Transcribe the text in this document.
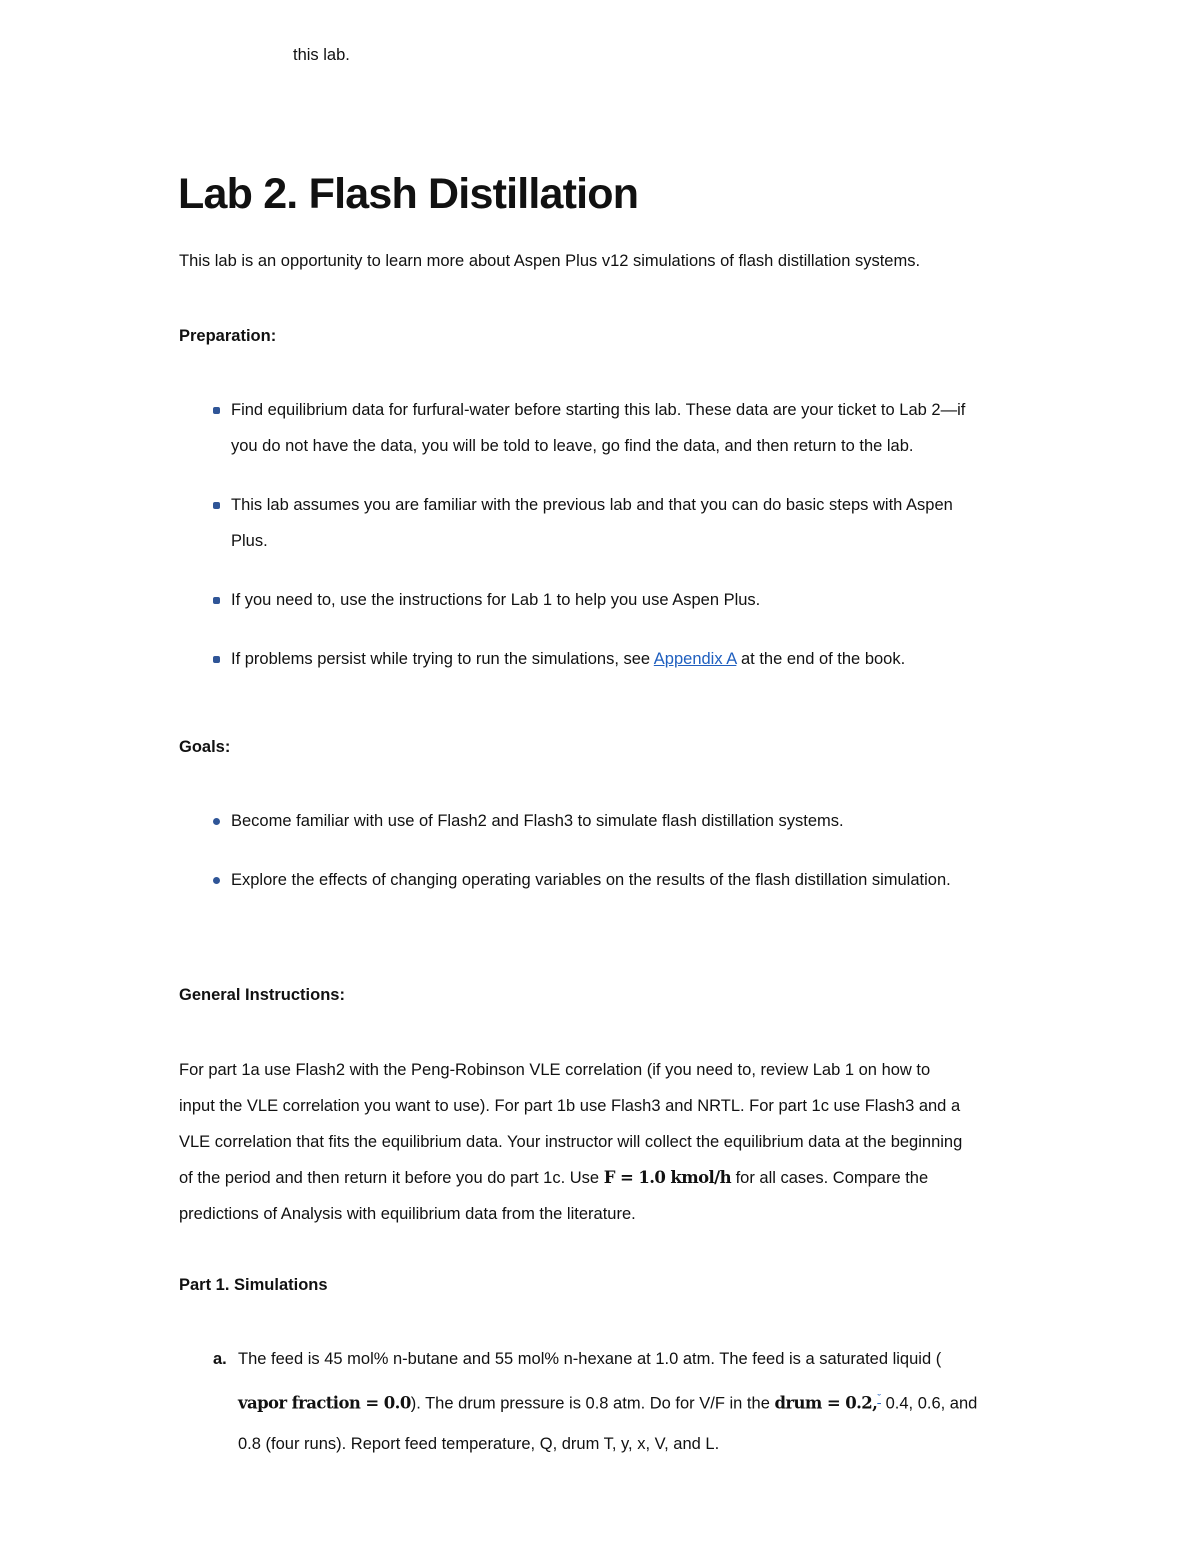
this lab.
Lab 2. Flash Distillation
This lab is an opportunity to learn more about Aspen Plus v12 simulations of flash distillation systems.
Preparation:
Find equilibrium data for furfural-water before starting this lab. These data are your ticket to Lab 2—if
you do not have the data, you will be told to leave, go find the data, and then return to the lab.
This lab assumes you are familiar with the previous lab and that you can do basic steps with Aspen
Plus.
If you need to, use the instructions for Lab 1 to help you use Aspen Plus.
If problems persist while trying to run the simulations, see Appendix A at the end of the book.
Goals:
Become familiar with use of Flash2 and Flash3 to simulate flash distillation systems.
Explore the effects of changing operating variables on the results of the flash distillation simulation.
General Instructions:
For part 1a use Flash2 with the Peng-Robinson VLE correlation (if you need to, review Lab 1 on how to
input the VLE correlation you want to use). For part 1b use Flash3 and NRTL. For part 1c use Flash3 and a
VLE correlation that fits the equilibrium data. Your instructor will collect the equilibrium data at the beginning
of the period and then return it before you do part 1c. Use F = 1.0 kmol/h for all cases. Compare the
predictions of Analysis with equilibrium data from the literature.
Part 1. Simulations
a. The feed is 45 mol% n-butane and 55 mol% n-hexane at 1.0 atm. The feed is a saturated liquid (
vapor fraction = 0.0). The drum pressure is 0.8 atm. Do for V/F in the drum = 0.2,$^ˇ$ 0.4, 0.6, and
0.8 (four runs). Report feed temperature, Q, drum T, y, x, V, and L.
